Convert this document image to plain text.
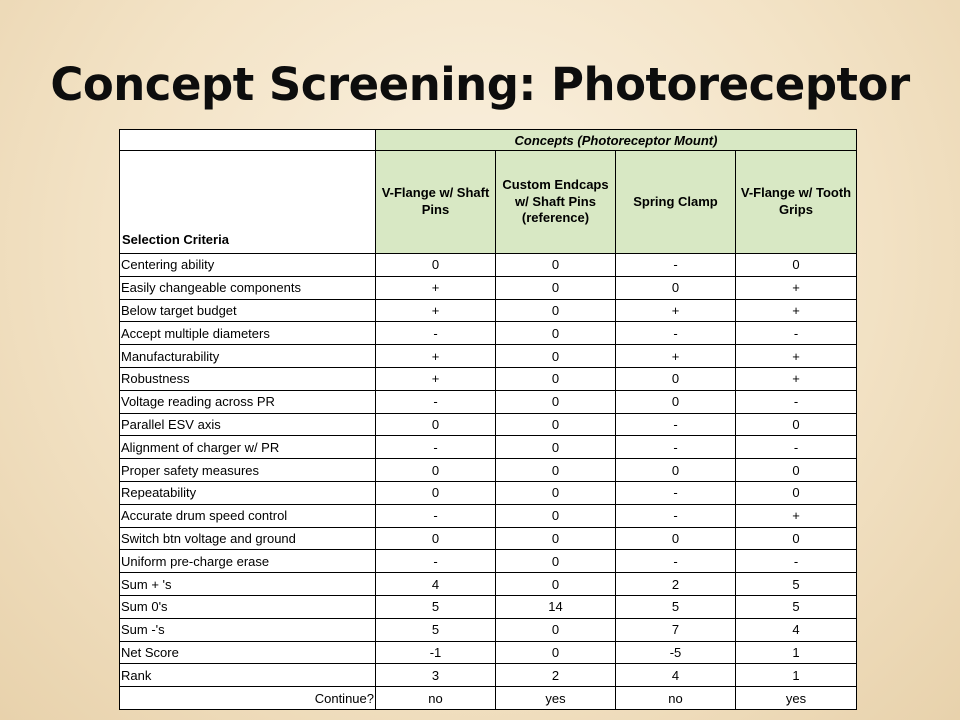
Concept Screening: Photoreceptor
	Concepts (Photoreceptor Mount)			
Selection Criteria	V-Flange w/ Shaft Pins	Custom Endcaps w/ Shaft Pins (reference)	Spring Clamp	V-Flange w/ Tooth Grips
Centering ability	0	0	-	0
Easily changeable components	+	0	0	+
Below target budget	+	0	+	+
Accept multiple diameters	-	0	-	-
Manufacturability	+	0	+	+
Robustness	+	0	0	+
Voltage reading across PR	-	0	0	-
Parallel ESV axis	0	0	-	0
Alignment of charger w/ PR	-	0	-	-
Proper safety measures	0	0	0	0
Repeatability	0	0	-	0
Accurate drum speed control	-	0	-	+
Switch btn voltage and ground	0	0	0	0
Uniform pre-charge erase	-	0	-	-
Sum + 's	4	0	2	5
Sum 0's	5	14	5	5
Sum -'s	5	0	7	4
Net Score	-1	0	-5	1
Rank	3	2	4	1
Continue?	no	yes	no	yes
